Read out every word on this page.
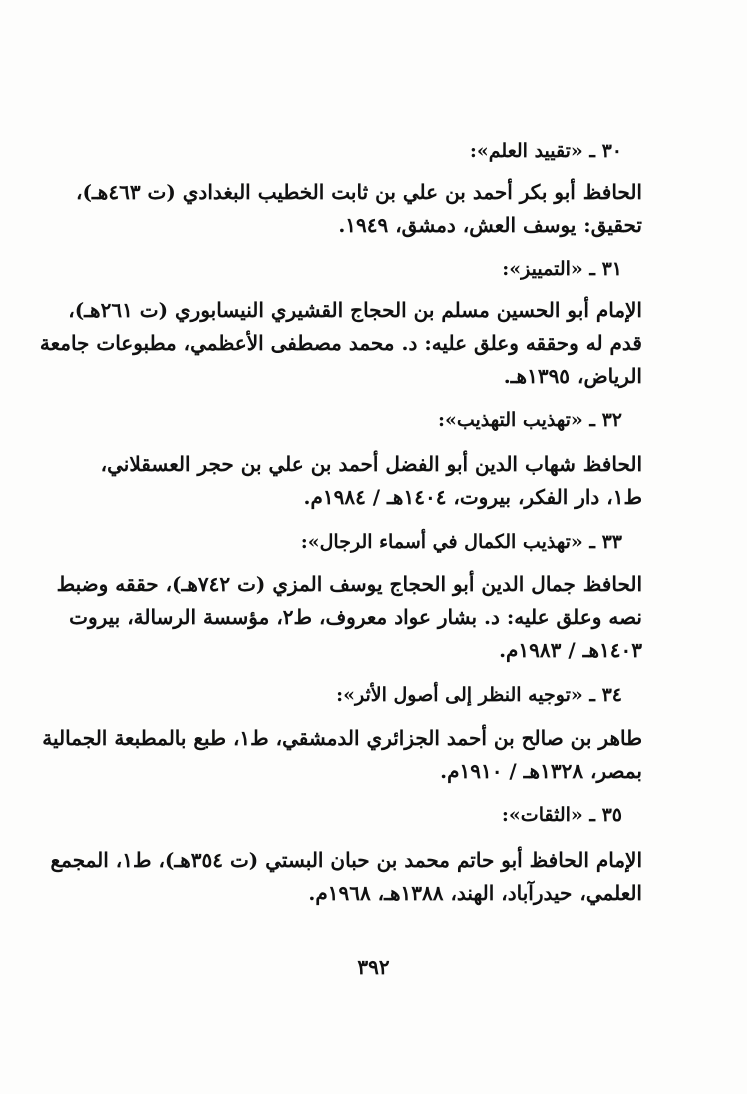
٣٠ ـ «تقييد العلم»:
الحافظ أبو بكر أحمد بن علي بن ثابت الخطيب البغدادي (ت ٤٦٣هـ)،
تحقيق: يوسف العش، دمشق، ١٩٤٩.
٣١ ـ «التمييز»:
الإمام أبو الحسين مسلم بن الحجاج القشيري النيسابوري (ت ٢٦١هـ)،
قدم له وحققه وعلق عليه: د. محمد مصطفى الأعظمي، مطبوعات جامعة
الرياض، ١٣٩٥هـ.
٣٢ ـ «تهذيب التهذيب»:
الحافظ شهاب الدين أبو الفضل أحمد بن علي بن حجر العسقلاني،
ط١، دار الفكر، بيروت، ١٤٠٤هـ / ١٩٨٤م.
٣٣ ـ «تهذيب الكمال في أسماء الرجال»:
الحافظ جمال الدين أبو الحجاج يوسف المزي (ت ٧٤٢هـ)، حققه وضبط
نصه وعلق عليه: د. بشار عواد معروف، ط٢، مؤسسة الرسالة، بيروت
١٤٠٣هـ / ١٩٨٣م.
٣٤ ـ «توجيه النظر إلى أصول الأثر»:
طاهر بن صالح بن أحمد الجزائري الدمشقي، ط١، طبع بالمطبعة الجمالية
بمصر، ١٣٢٨هـ / ١٩١٠م.
٣٥ ـ «الثقات»:
الإمام الحافظ أبو حاتم محمد بن حبان البستي (ت ٣٥٤هـ)، ط١، المجمع
العلمي، حيدرآباد، الهند، ١٣٨٨هـ، ١٩٦٨م.
٣٩٢
